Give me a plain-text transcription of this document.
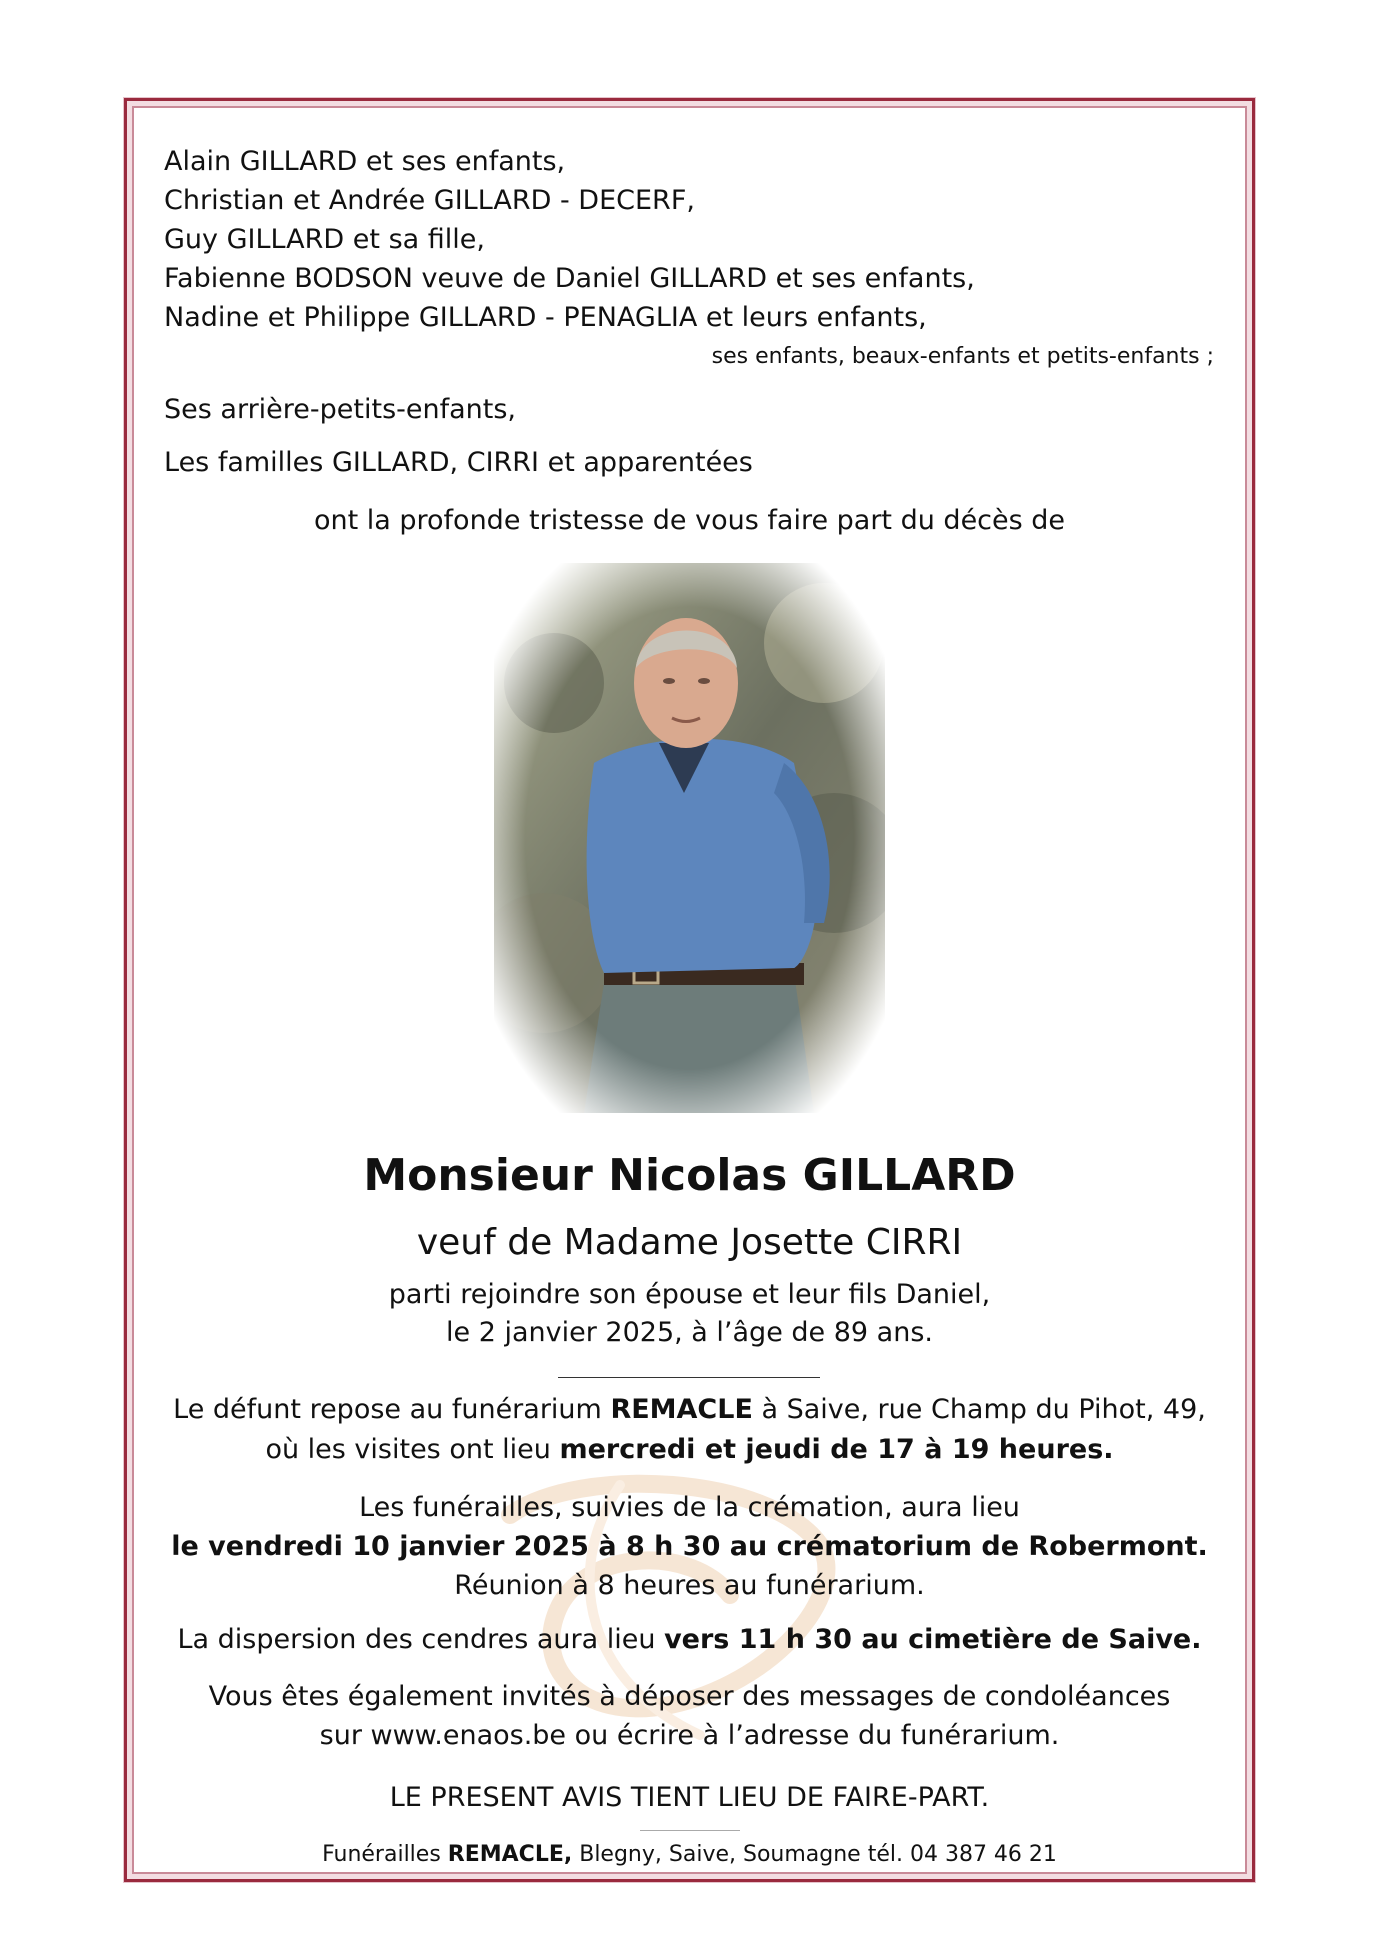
Alain GILLARD et ses enfants,
Christian et Andrée GILLARD - DECERF,
Guy GILLARD et sa fille,
Fabienne BODSON veuve de Daniel GILLARD et ses enfants,
Nadine et Philippe GILLARD - PENAGLIA et leurs enfants,
ses enfants, beaux-enfants et petits-enfants ;
Ses arrière-petits-enfants,
Les familles GILLARD, CIRRI et apparentées
ont la profonde tristesse de vous faire part du décès de
Monsieur Nicolas GILLARD
veuf de Madame Josette CIRRI
parti rejoindre son épouse et leur fils Daniel,
le 2 janvier 2025, à l’âge de 89 ans.
Le défunt repose au funérarium REMACLE à Saive, rue Champ du Pihot, 49,
où les visites ont lieu mercredi et jeudi de 17 à 19 heures.
Les funérailles, suivies de la crémation, aura lieu
le vendredi 10 janvier 2025 à 8 h 30 au crématorium de Robermont.
Réunion à 8 heures au funérarium.
La dispersion des cendres aura lieu vers 11 h 30 au cimetière de Saive.
Vous êtes également invités à déposer des messages de condoléances
sur www.enaos.be ou écrire à l’adresse du funérarium.
LE PRESENT AVIS TIENT LIEU DE FAIRE-PART.
Funérailles REMACLE, Blegny, Saive, Soumagne tél. 04 387 46 21
